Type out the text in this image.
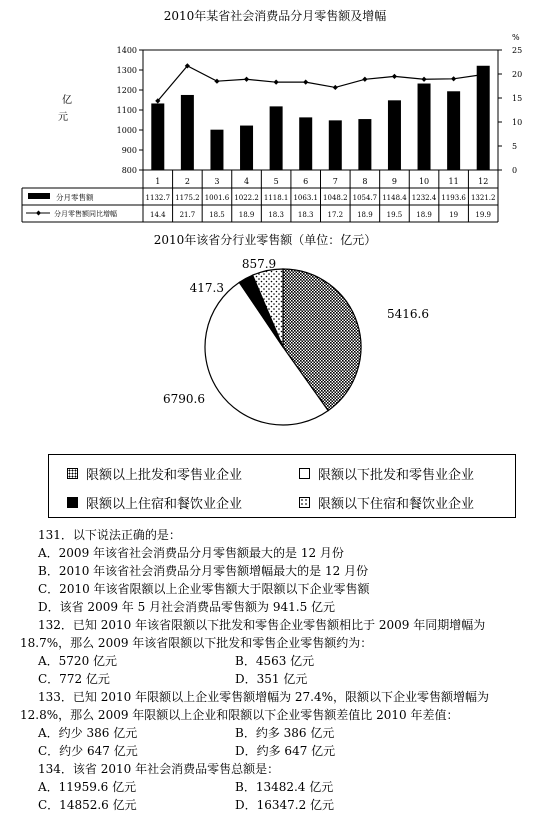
2010年某省社会消费品分月零售额及增幅
800
900
1000
1100
1200
1300
1400
0
5
10
15
20
25
%
亿
元
1	2	3	4	5	6	7	8	9	10 11 12
1132.7 1175.2 1001.6 1022.2 1118.1 1063.1 1048.2 1054.7 1148.4 1232.4 1193.6 1321.2
14.4 21.7 18.5 18.9 18.3 18.3 17.2 18.9 19.5 18.9 19 19.9
分月零售额
分月零售额同比增幅
2010年该省分行业零售额（单位：亿元）
5416.6
6790.6
417.3
857.9
限额以上批发和零售业企业	限额以下批发和零售业企业
限额以上住宿和餐饮业企业	限额以下住宿和餐饮业企业
131．以下说法正确的是：
A．2009 年该省社会消费品分月零售额最大的是 12 月份
B．2010 年该省社会消费品分月零售额增幅最大的是 12 月份
C．2010 年该省限额以上企业零售额大于限额以下企业零售额
D．该省 2009 年 5 月社会消费品零售额为 941.5 亿元
132．已知 2010 年该省限额以下批发和零售企业零售额相比于 2009 年同期增幅为
18.7%，那么 2009 年该省限额以下批发和零售企业零售额约为：
A．5720 亿元	B．4563 亿元
C．772 亿元	D．351 亿元
133．已知 2010 年限额以上企业零售额增幅为 27.4%，限额以下企业零售额增幅为
12.8%，那么 2009 年限额以上企业和限额以下企业零售额差值比 2010 年差值：
A．约少 386 亿元	B．约多 386 亿元
C．约少 647 亿元	D．约多 647 亿元
134．该省 2010 年社会消费品零售总额是：
A．11959.6 亿元	B．13482.4 亿元
C．14852.6 亿元	D．16347.2 亿元
